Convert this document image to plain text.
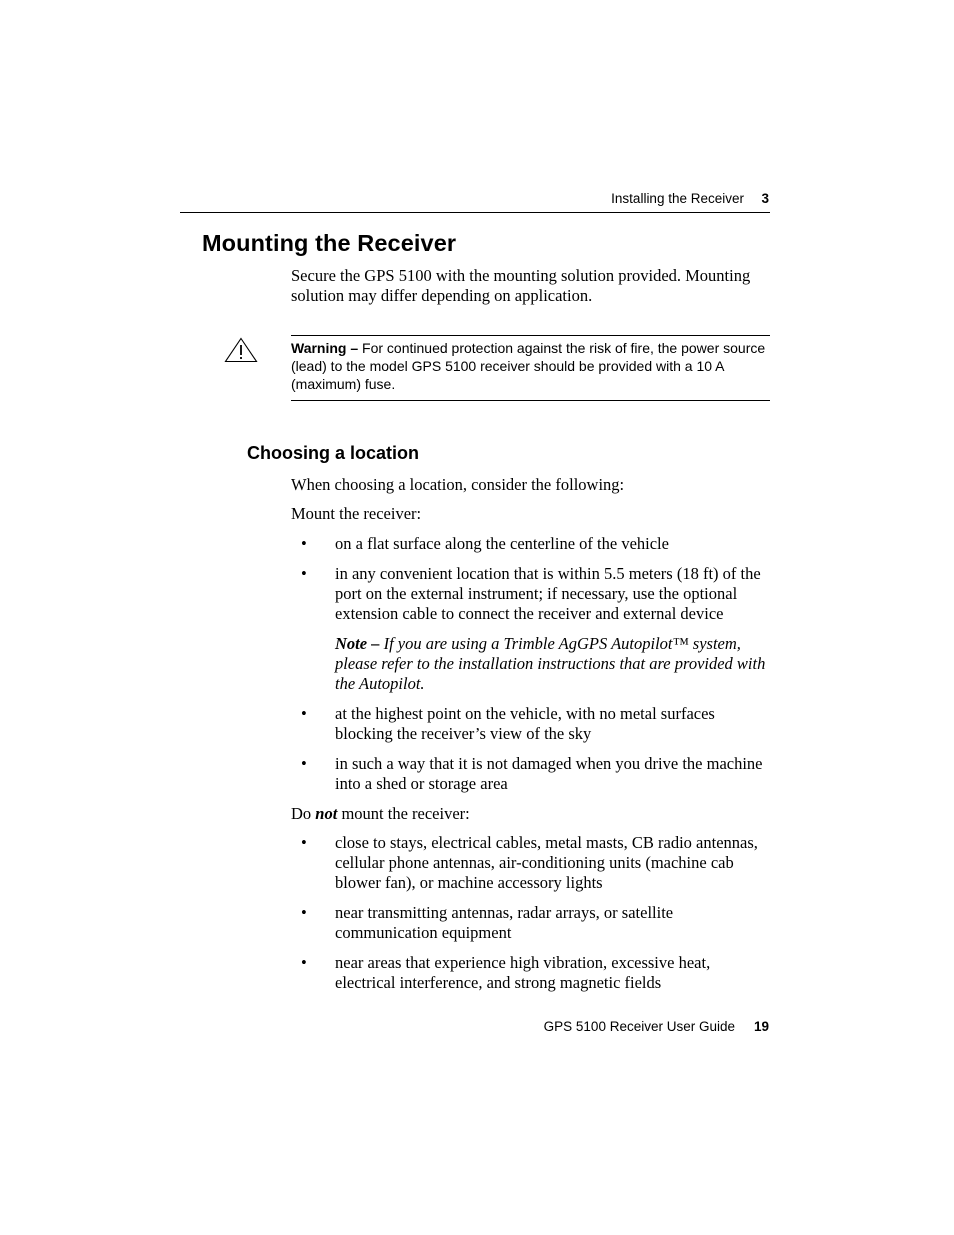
Installing the Receiver 3
Mounting the Receiver
Secure the GPS 5100 with the mounting solution provided. Mounting solution may differ depending on application.
Warning – For continued protection against the risk of fire, the power source (lead) to the model GPS 5100 receiver should be provided with a 10 A (maximum) fuse.
Choosing a location
When choosing a location, consider the following:
Mount the receiver:
•	on a flat surface along the centerline of the vehicle
•	in any convenient location that is within 5.5 meters (18 ft) of the port on the external instrument; if necessary, use the optional extension cable to connect the receiver and external device
Note – If you are using a Trimble AgGPS Autopilot™ system, please refer to the installation instructions that are provided with the Autopilot.
•	at the highest point on the vehicle, with no metal surfaces blocking the receiver’s view of the sky
•	in such a way that it is not damaged when you drive the machine into a shed or storage area
Do not mount the receiver:
•	close to stays, electrical cables, metal masts, CB radio antennas, cellular phone antennas, air-conditioning units (machine cab blower fan), or machine accessory lights
•	near transmitting antennas, radar arrays, or satellite communication equipment
•	near areas that experience high vibration, excessive heat, electrical interference, and strong magnetic fields
GPS 5100 Receiver User Guide 19
